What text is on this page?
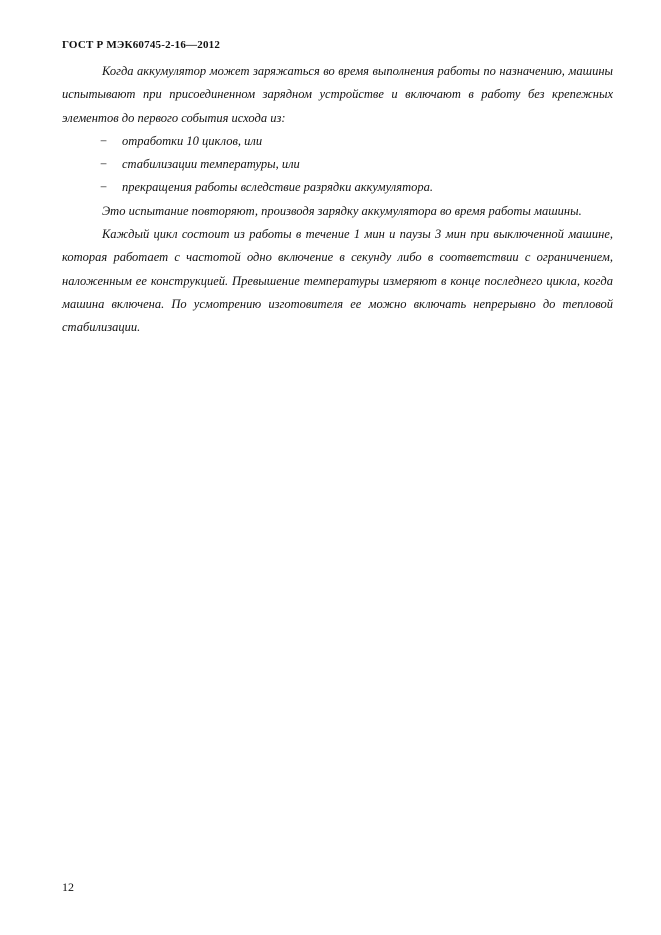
ГОСТ Р МЭК60745-2-16—2012

Когда аккумулятор может заряжаться во время выполнения работы по назначению, машины испытывают при присоединенном зарядном устройстве и включают в работу без крепежных элементов до первого события исхода из:

− отработки 10 циклов, или
− стабилизации температуры, или
− прекращения работы вследствие разрядки аккумулятора.

Это испытание повторяют, производя зарядку аккумулятора во время работы машины.

Каждый цикл состоит из работы в течение 1 мин и паузы 3 мин при выключенной машине, которая работает с частотой одно включение в секунду либо в соответствии с ограничением, наложенным ее конструкцией. Превышение температуры измеряют в конце последнего цикла, когда машина включена. По усмотрению изготовителя ее можно включать непрерывно до тепловой стабилизации.

12
